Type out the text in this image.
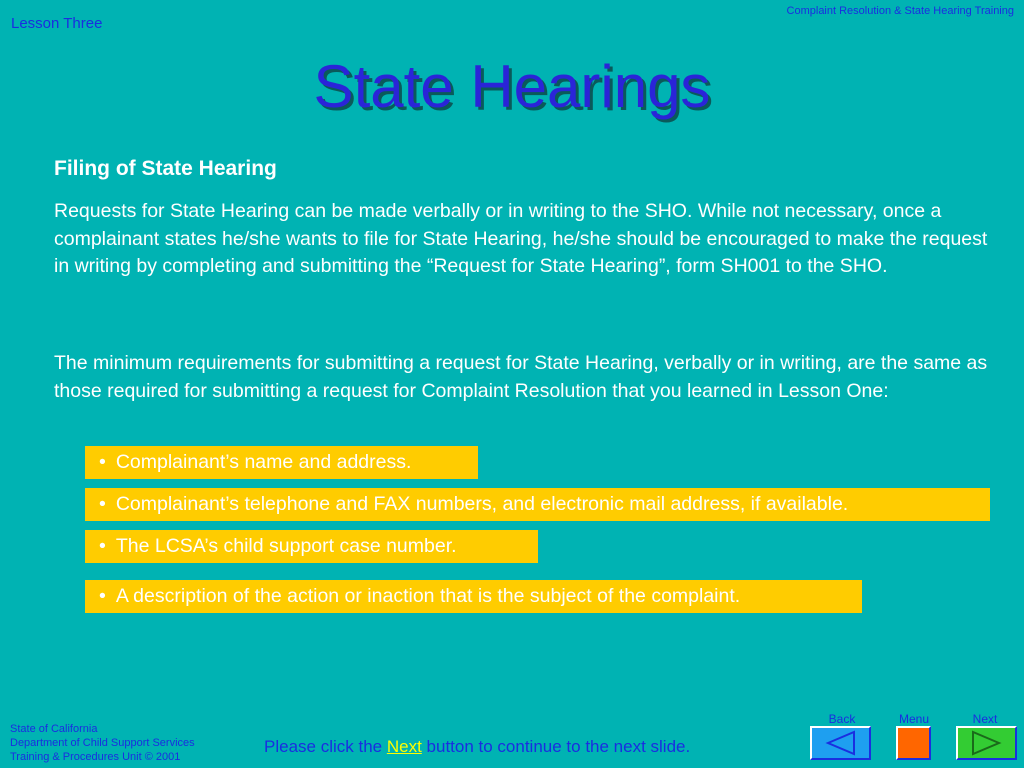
Lesson Three
Complaint Resolution & State Hearing Training
State Hearings
Filing of State Hearing

Requests for State Hearing can be made verbally or in writing to the SHO. While not necessary, once a complainant states he/she wants to file for State Hearing, he/she should be encouraged to make the request in writing by completing and submitting the “Request for State Hearing”, form SH001 to the SHO.

The minimum requirements for submitting a request for State Hearing, verbally or in writing, are the same as those required for submitting a request for Complaint Resolution that you learned in Lesson One:

• Complainant’s name and address.
• Complainant’s telephone and FAX numbers, and electronic mail address, if available.
• The LCSA’s child support case number.
• A description of the action or inaction that is the subject of the complaint.
State of California
Department of Child Support Services
Training & Procedures Unit © 2001
Please click the Next button to continue to the next slide.
Back	Menu	Next
